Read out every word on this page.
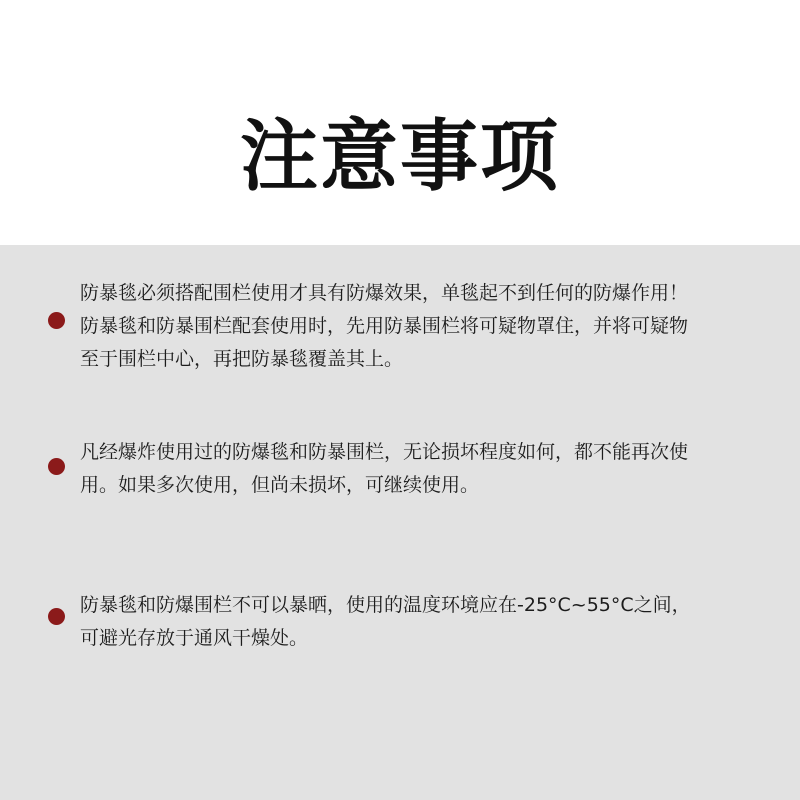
注意事项

防暴毯必须搭配围栏使用才具有防爆效果，单毯起不到任何的防爆作用！
防暴毯和防暴围栏配套使用时，先用防暴围栏将可疑物罩住，并将可疑物
至于围栏中心，再把防暴毯覆盖其上。

凡经爆炸使用过的防爆毯和防暴围栏，无论损坏程度如何，都不能再次使
用。如果多次使用，但尚未损坏，可继续使用。

防暴毯和防爆围栏不可以暴晒，使用的温度环境应在-25°C~55°C之间，
可避光存放于通风干燥处。
